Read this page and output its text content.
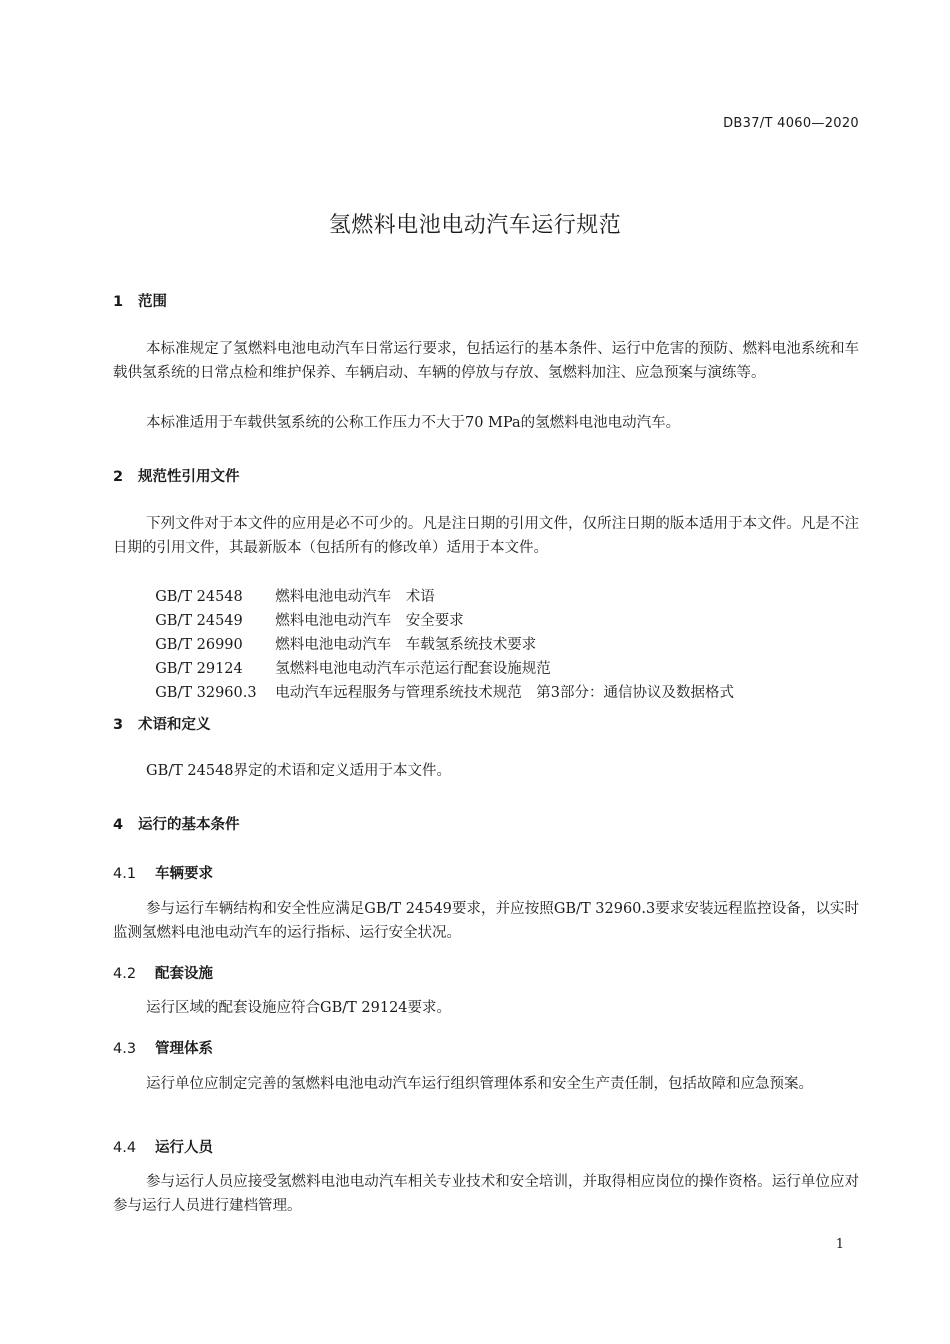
DB37/T 4060—2020
氢燃料电池电动汽车运行规范
1 范围
本标准规定了氢燃料电池电动汽车日常运行要求，包括运行的基本条件、运行中危害的预防、燃料电池系统和车载供氢系统的日常点检和维护保养、车辆启动、车辆的停放与存放、氢燃料加注、应急预案与演练等。
本标准适用于车载供氢系统的公称工作压力不大于70 MPa的氢燃料电池电动汽车。
2 规范性引用文件
下列文件对于本文件的应用是必不可少的。凡是注日期的引用文件，仅所注日期的版本适用于本文件。凡是不注日期的引用文件，其最新版本（包括所有的修改单）适用于本文件。

GB/T 24548 燃料电池电动汽车　术语

GB/T 24549 燃料电池电动汽车　安全要求

GB/T 26990 燃料电池电动汽车　车载氢系统技术要求

GB/T 29124 氢燃料电池电动汽车示范运行配套设施规范

GB/T 32960.3 电动汽车远程服务与管理系统技术规范　第3部分：通信协议及数据格式

3 术语和定义
GB/T 24548界定的术语和定义适用于本文件。
4 运行的基本条件
4.1 车辆要求
参与运行车辆结构和安全性应满足GB/T 24549要求，并应按照GB/T 32960.3要求安装远程监控设备，以实时监测氢燃料电池电动汽车的运行指标、运行安全状况。
4.2 配套设施
运行区域的配套设施应符合GB/T 29124要求。
4.3 管理体系
运行单位应制定完善的氢燃料电池电动汽车运行组织管理体系和安全生产责任制，包括故障和应急预案。
4.4 运行人员
参与运行人员应接受氢燃料电池电动汽车相关专业技术和安全培训，并取得相应岗位的操作资格。运行单位应对参与运行人员进行建档管理。
1
